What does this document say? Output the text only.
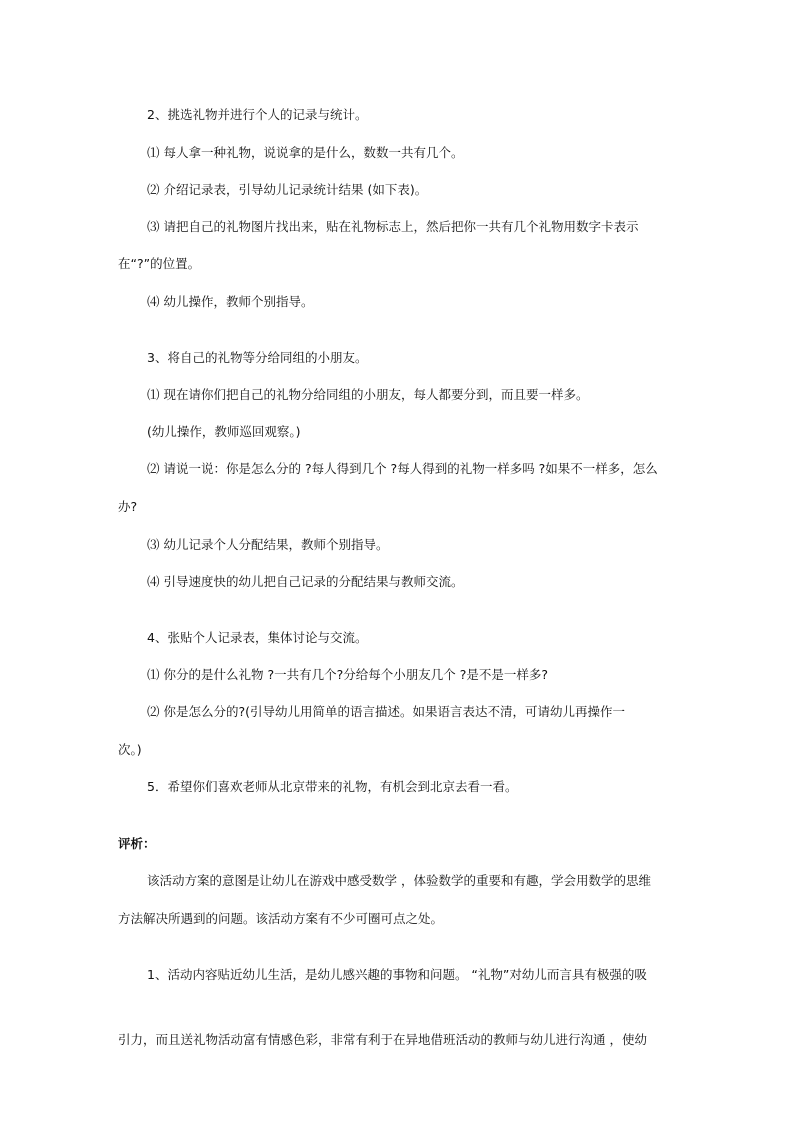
2、挑选礼物并进行个人的记录与统计。
⑴ 每人拿一种礼物，说说拿的是什么，数数一共有几个。
⑵ 介绍记录表，引导幼儿记录统计结果 (如下表)。
⑶ 请把自己的礼物图片找出来，贴在礼物标志上，然后把你一共有几个礼物用数字卡表示
在“?”的位置。
⑷ 幼儿操作，教师个别指导。
3、将自己的礼物等分给同组的小朋友。
⑴ 现在请你们把自己的礼物分给同组的小朋友，每人都要分到，而且要一样多。
(幼儿操作，教师巡回观察。)
⑵ 请说一说：你是怎么分的 ?每人得到几个 ?每人得到的礼物一样多吗 ?如果不一样多，怎么
办?
⑶ 幼儿记录个人分配结果，教师个别指导。
⑷ 引导速度快的幼儿把自己记录的分配结果与教师交流。
4、张贴个人记录表，集体讨论与交流。
⑴ 你分的是什么礼物 ?一共有几个?分给每个小朋友几个 ?是不是一样多?
⑵ 你是怎么分的?(引导幼儿用简单的语言描述。如果语言表达不清，可请幼儿再操作一
次。)
5．希望你们喜欢老师从北京带来的礼物，有机会到北京去看一看。
评析：
该活动方案的意图是让幼儿在游戏中感受数学 ，体验数学的重要和有趣，学会用数学的思维
方法解决所遇到的问题。该活动方案有不少可圈可点之处。
1、活动内容贴近幼儿生活，是幼儿感兴趣的事物和问题。 “礼物”对幼儿而言具有极强的吸
引力，而且送礼物活动富有情感色彩，非常有利于在异地借班活动的教师与幼儿进行沟通 ，使幼
